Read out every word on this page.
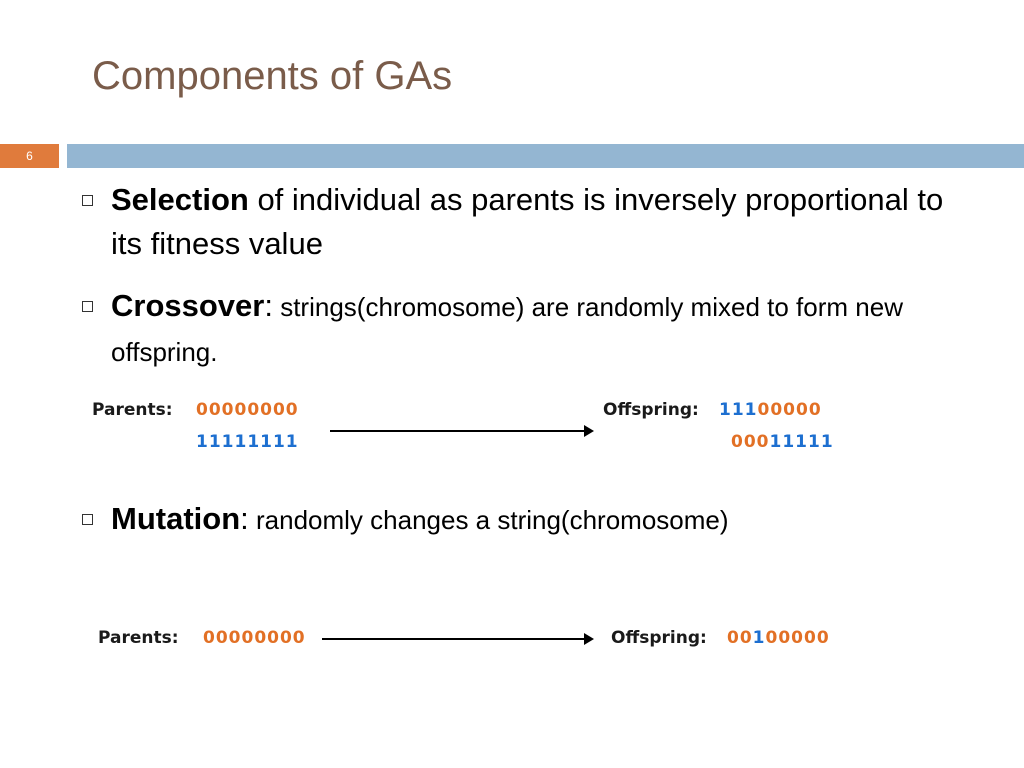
Components of GAs
6
Selection of individual as parents is inversely proportional to its fitness value
Crossover: strings(chromosome) are randomly mixed to form new offspring.
Parents: 00000000
11111111
Offspring: 11100000
00011111
Mutation: randomly changes a string(chromosome)
Parents: 00000000	Offspring: 00100000
